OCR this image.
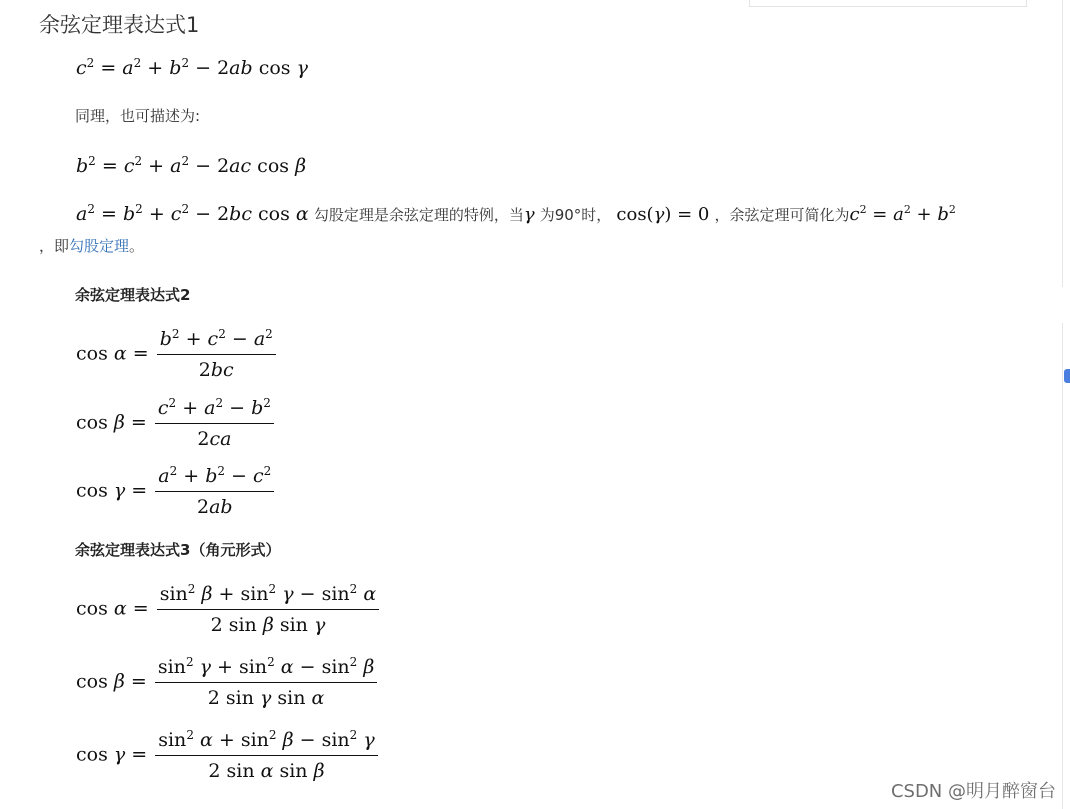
余弦定理表达式1
$c^2 = a^2 + b^2 - 2ab$ cos γ
同理，也可描述为:
$b^2 = c^2 + a^2 - 2ac$ cos β
$a^2 = b^2 + c^2 - 2bc$ cos α 勾股定理是余弦定理的特例，当γ 为90°时， cos(γ) = 0 ，余弦定理可简化为$c^2 = a^2 + b^2$
，即勾股定理。
余弦定理表达式2
$\cos \alpha = \frac{b^2 + c^2 - a^2}{2bc}$
$\cos \beta = \frac{c^2 + a^2 - b^2}{2ca}$
$\cos \gamma = \frac{a^2 + b^2 - c^2}{2ab}$
余弦定理表达式3（角元形式）
$\cos \alpha = \frac{\sin^2 \beta + \sin^2 \gamma - \sin^2 \alpha}{\text{2 sin β sin γ}}$
$\cos \beta = \frac{\sin^2 \gamma + \sin^2 \alpha - \sin^2 \beta}{\text{2 sin γ sin α}}$
$\cos \gamma = \frac{\sin^2 \alpha + \sin^2 \beta - \sin^2 \gamma}{\text{2 sin α sin β}}$
CSDN @明月醉窗台
